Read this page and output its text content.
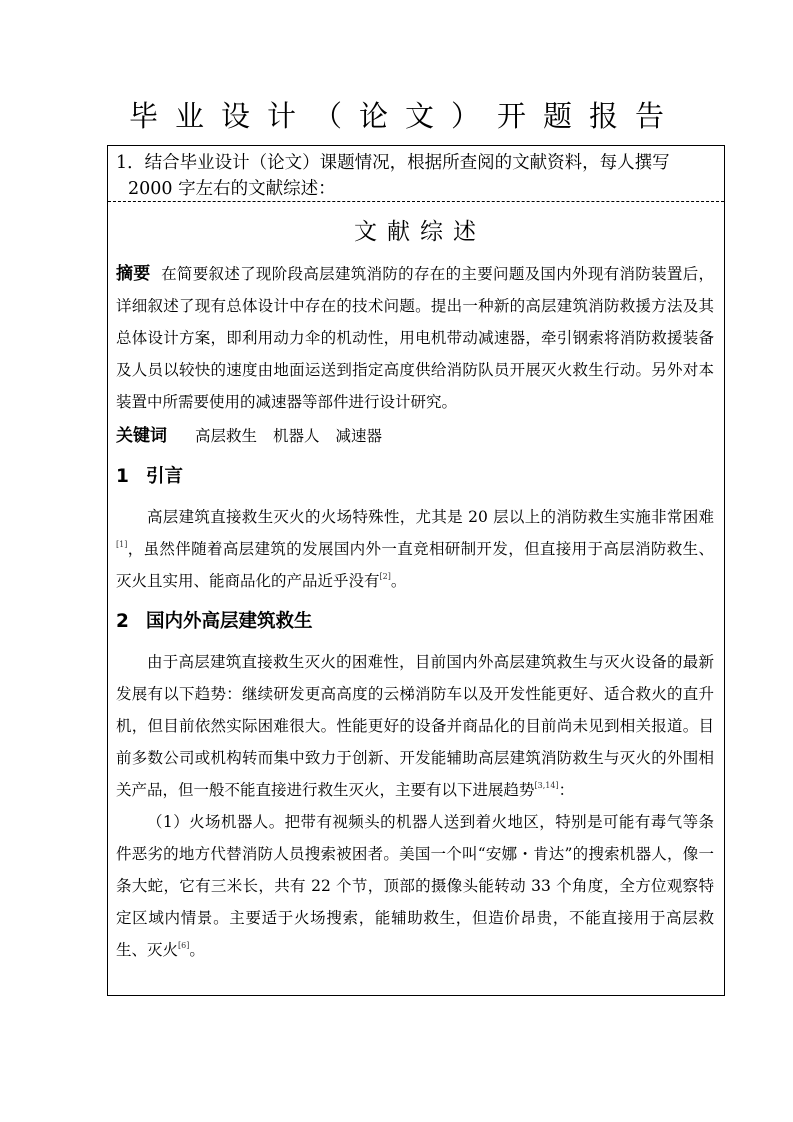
毕业设计（论文）开题报告
1．结合毕业设计（论文）课题情况，根据所查阅的文献资料，每人撰写
2000 字左右的文献综述：
文献综述

摘要 在简要叙述了现阶段高层建筑消防的存在的主要问题及国内外现有消防装置后，详细叙述了现有总体设计中存在的技术问题。提出一种新的高层建筑消防救援方法及其总体设计方案，即利用动力伞的机动性，用电机带动减速器，牵引钢索将消防救援装备及人员以较快的速度由地面运送到指定高度供给消防队员开展灭火救生行动。另外对本装置中所需要使用的减速器等部件进行设计研究。

关键词 高层救生 机器人 减速器
1 引言

高层建筑直接救生灭火的火场特殊性，尤其是 20 层以上的消防救生实施非常困难[1]，虽然伴随着高层建筑的发展国内外一直竞相研制开发，但直接用于高层消防救生、灭火且实用、能商品化的产品近乎没有[2]。

2 国内外高层建筑救生

由于高层建筑直接救生灭火的困难性，目前国内外高层建筑救生与灭火设备的最新发展有以下趋势：继续研发更高高度的云梯消防车以及开发性能更好、适合救火的直升机，但目前依然实际困难很大。性能更好的设备并商品化的目前尚未见到相关报道。目前多数公司或机构转而集中致力于创新、开发能辅助高层建筑消防救生与灭火的外围相关产品，但一般不能直接进行救生灭火，主要有以下进展趋势[3,14]：

（1）火场机器人。把带有视频头的机器人送到着火地区，特别是可能有毒气等条件恶劣的地方代替消防人员搜索被困者。美国一个叫“安娜・肯达”的搜索机器人，像一条大蛇，它有三米长，共有 22 个节，顶部的摄像头能转动 33 个角度，全方位观察特定区域内情景。主要适于火场搜索，能辅助救生，但造价昂贵，不能直接用于高层救生、灭火[6]。
